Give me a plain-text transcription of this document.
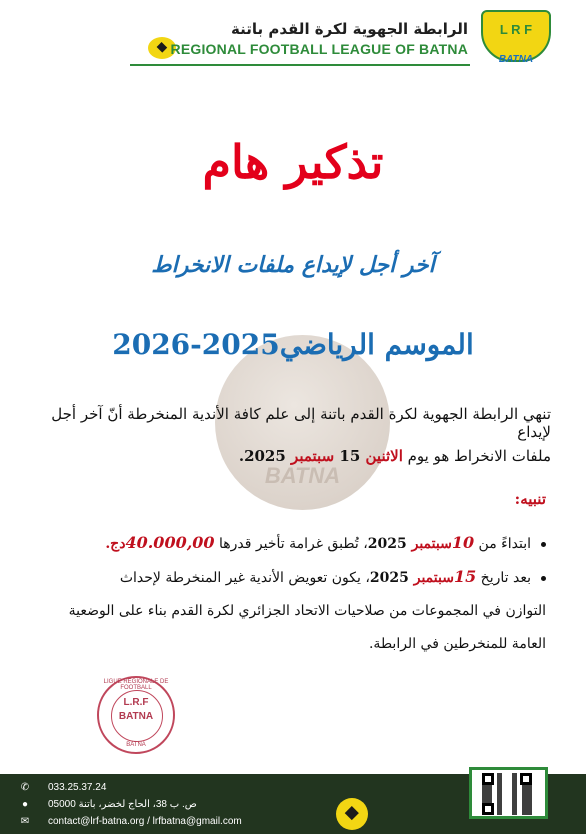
الرابطة الجهوية لكرة القدم باتنة
REGIONAL FOOTBALL LEAGUE OF BATNA
L R F
BATNA
BATNA
تذكير هام
آخر أجل لإيداع ملفات الانخراط
الموسم الرياضي2025-2026
تنهي الرابطة الجهوية لكرة القدم باتنة إلى علم كافة الأندية المنخرطة أنّ آخر أجل لإيداع
ملفات الانخراط هو يوم الاثنين 15 سبتمبر 2025.
تنبيه:
ابتداءً من 10سبتمبر 2025، تُطبق غرامة تأخير قدرها 40.000,00دج.
بعد تاريخ 15سبتمبر 2025، يكون تعويض الأندية غير المنخرطة لإحداث
التوازن في المجموعات من صلاحيات الاتحاد الجزائري لكرة القدم بناء على الوضعية
العامة للمنخرطين في الرابطة.
LIGUE REGIONALE DE FOOTBALL
L.R.F
BATNA
BATNA
✆ 033.25.37.24
● ص. ب 38، الحاج لخضر، باتنة 05000
✉ contact@lrf-batna.org / lrfbatna@gmail.com
